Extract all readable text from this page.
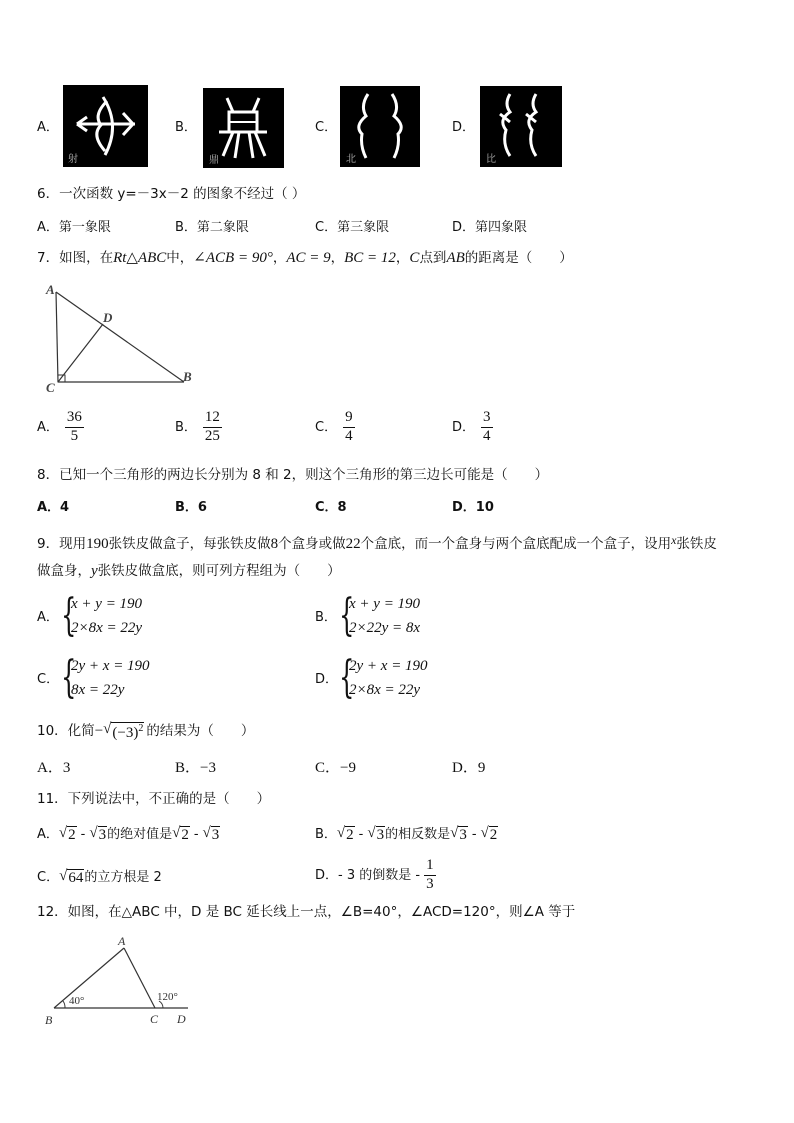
A．
射
B．
鼎
C．
北
D．
比
6．一次函数 y=－3x－2 的图象不经过（ ）
A．第一象限	B．第二象限	C．第三象限	D．第四象限
7．如图，在Rt△ABC中，∠ACB = 90°，AC = 9，BC = 12，C点到AB的距离是（　　）
A
D
C
B
A． $\frac{36}{5}$	B． $\frac{12}{25}$	C． $\frac{9}{4}$	D． $\frac{3}{4}$
8．已知一个三角形的两边长分别为 8 和 2，则这个三角形的第三边长可能是（　　）
A．4	B．6	C．8	D．10
9．现用190张铁皮做盒子，每张铁皮做8个盒身或做22个盒底，而一个盒身与两个盒底配成一个盒子，设用x张铁皮
做盒身，y张铁皮做盒底，则可列方程组为（　　）
A． {
x + y = 190
2×8x = 22y
B． {
x + y = 190
2×22y = 8x
C． {
2y + x = 190
8x = 22y
D． {
2y + x = 190
2×8x = 22y
10．化简 − √ $(-3)^2$ 的结果为（　　）
A．3	B．−3	C．−9	D．9
11．下列说法中，不正确的是（　　）
A． √ 2 - √ 3 的绝对值是 √ 2 - √ 3	B． √ 2 - √ 3 的相反数是 √ 3 - √ 2
C． √ 64 的立方根是 2	D． - 3 的倒数是 - $\frac{1}{3}$
12．如图，在△ABC 中，D 是 BC 延长线上一点，∠B=40°，∠ACD=120°，则∠A 等于
A
B	C D
40°	120°
